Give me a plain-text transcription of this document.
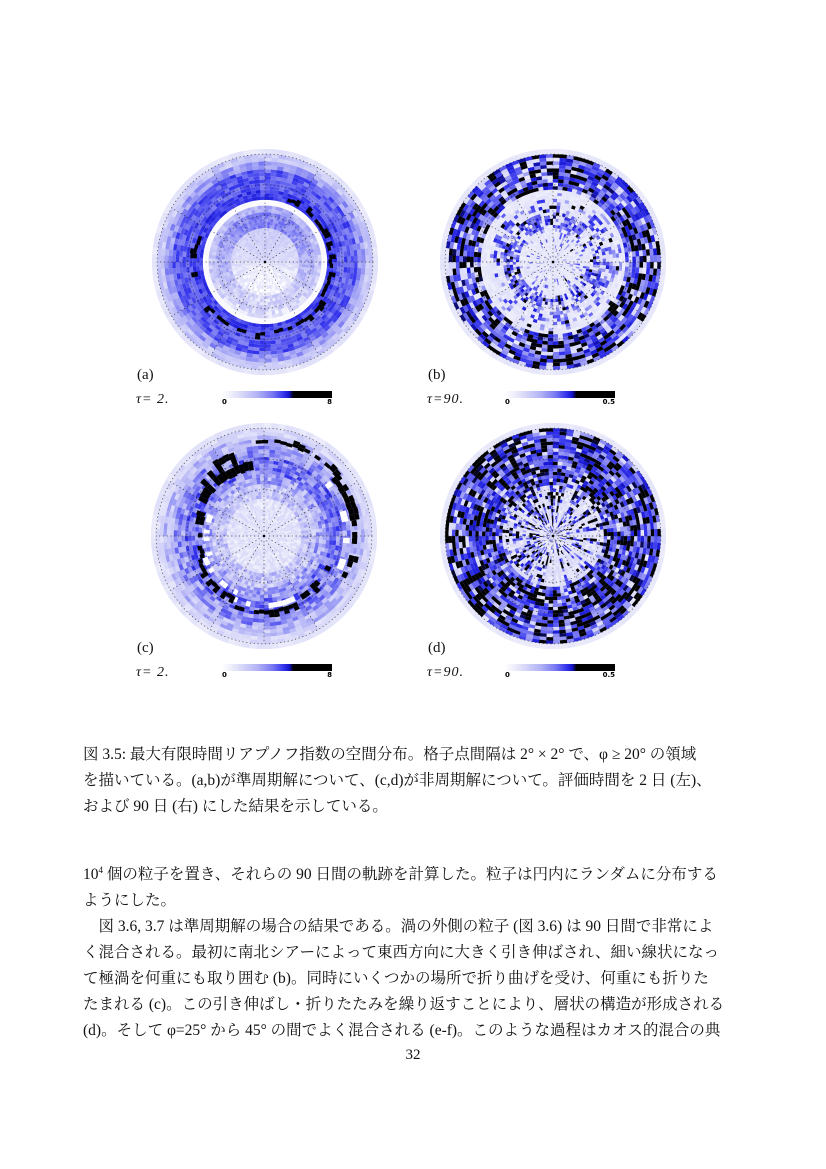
(a)
τ= 2.	0	8
(b)
τ=90.	0	0.5
(c)
τ= 2.	0	8
(d)
τ=90.	0	0.5
図 3.5: 最大有限時間リアプノフ指数の空間分布。格子点間隔は 2° × 2° で、φ ≥ 20° の領域
を描いている。(a,b)が準周期解について、(c,d)が非周期解について。評価時間を 2 日 (左)、
および 90 日 (右) にした結果を示している。
$10^4$ 個の粒子を置き、それらの 90 日間の軌跡を計算した。粒子は円内にランダムに分布する
ようにした。
　図 3.6, 3.7 は準周期解の場合の結果である。渦の外側の粒子 (図 3.6) は 90 日間で非常によ
く混合される。最初に南北シアーによって東西方向に大きく引き伸ばされ、細い線状になっ
て極渦を何重にも取り囲む (b)。同時にいくつかの場所で折り曲げを受け、何重にも折りた
たまれる (c)。この引き伸ばし・折りたたみを繰り返すことにより、層状の構造が形成される
(d)。そして φ=25° から 45° の間でよく混合される (e-f)。このような過程はカオス的混合の典
32
